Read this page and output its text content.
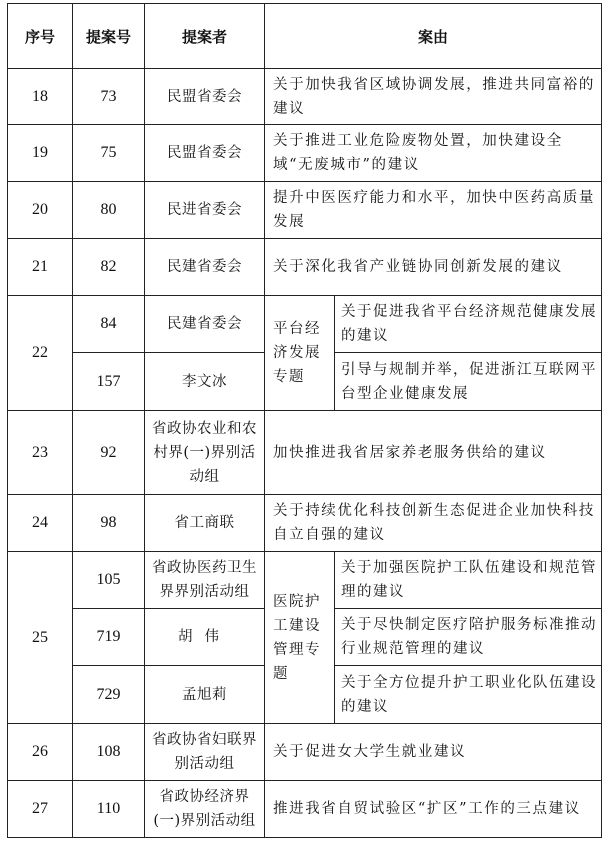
序号	提案号	提案者	案由	
18	73	民盟省委会	关于加快我省区域协调发展，推进共同富裕的建议	
19	75	民盟省委会	关于推进工业危险废物处置，加快建设全域“无废城市”的建议	
20	80	民进省委会	提升中医医疗能力和水平，加快中医药高质量发展	
21	82	民建省委会	关于深化我省产业链协同创新发展的建议	
22	84	民建省委会	平台经济发展专题	关于促进我省平台经济规范健康发展的建议
	157	李文冰		引导与规制并举，促进浙江互联网平台型企业健康发展
23	92	省政协农业和农村界(一)界别活动组	加快推进我省居家养老服务供给的建议	
24	98	省工商联	关于持续优化科技创新生态促进企业加快科技自立自强的建议	
25	105	省政协医药卫生界界别活动组	医院护工建设管理专题	关于加强医院护工队伍建设和规范管理的建议
	719	胡伟		关于尽快制定医疗陪护服务标准推动行业规范管理的建议
	729	孟旭莉		关于全方位提升护工职业化队伍建设的建议
26	108	省政协省妇联界别活动组	关于促进女大学生就业建议	
27	110	省政协经济界(一)界别活动组	推进我省自贸试验区“扩区”工作的三点建议	
